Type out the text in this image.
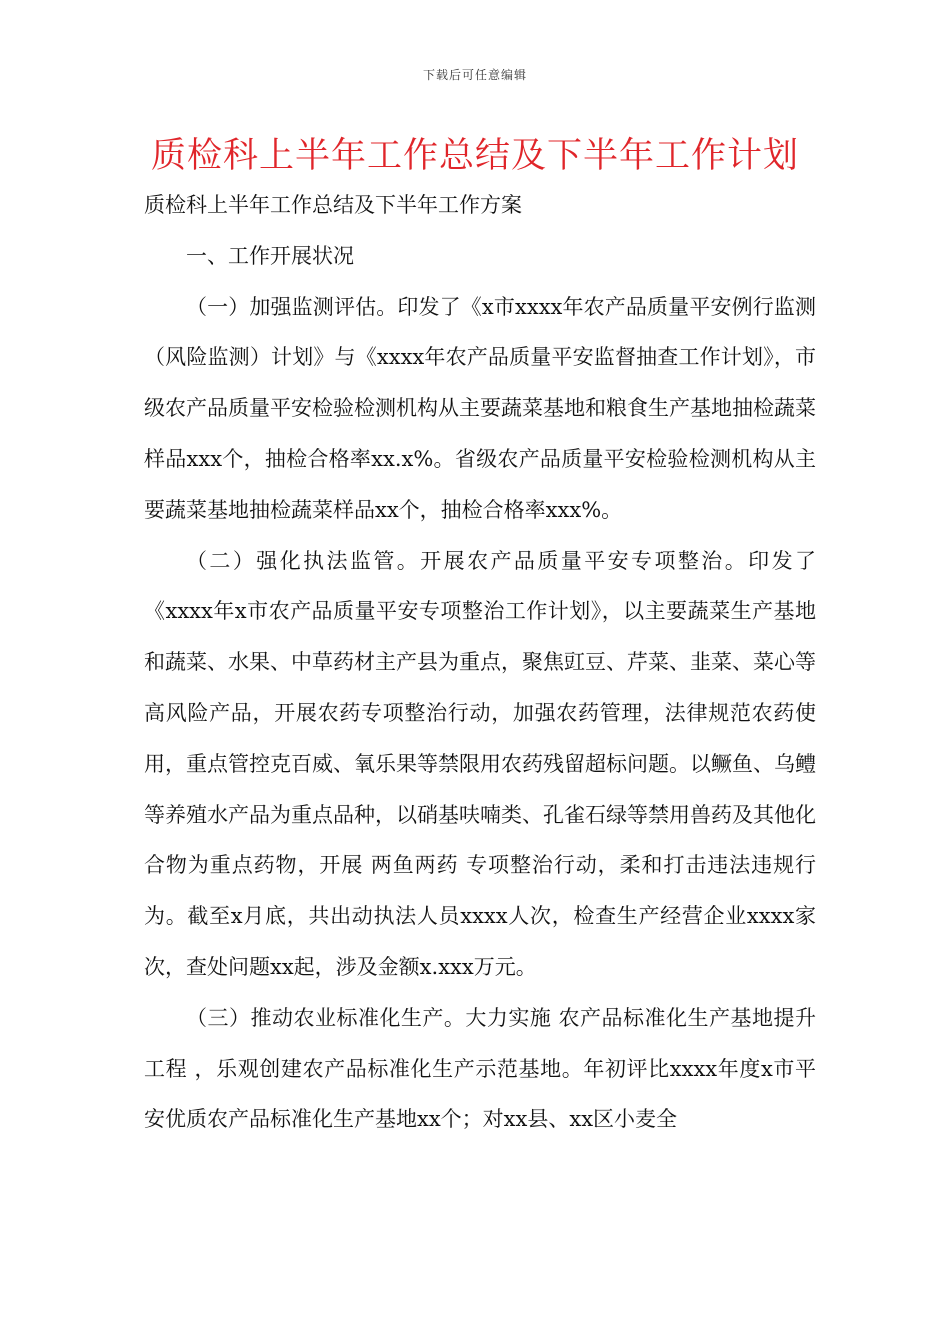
下载后可任意编辑
质检科上半年工作总结及下半年工作计划

质检科上半年工作总结及下半年工作方案

一、工作开展状况

（一）加强监测评估。印发了《x市xxxx年农产品质量平安例行监测（风险监测）计划》与《xxxx年农产品质量平安监督抽查工作计划》，市级农产品质量平安检验检测机构从主要蔬菜基地和粮食生产基地抽检蔬菜样品xxx个，抽检合格率xx.x%。省级农产品质量平安检验检测机构从主要蔬菜基地抽检蔬菜样品xx个，抽检合格率xxx%。

（二）强化执法监管。开展农产品质量平安专项整治。印发了《xxxx年x市农产品质量平安专项整治工作计划》，以主要蔬菜生产基地和蔬菜、水果、中草药材主产县为重点，聚焦豇豆、芹菜、韭菜、菜心等高风险产品，开展农药专项整治行动，加强农药管理，法律规范农药使用，重点管控克百威、氧乐果等禁限用农药残留超标问题。以鳜鱼、乌鳢等养殖水产品为重点品种，以硝基呋喃类、孔雀石绿等禁用兽药及其他化合物为重点药物，开展 两鱼两药 专项整治行动，柔和打击违法违规行为。截至x月底，共出动执法人员xxxx人次，检查生产经营企业xxxx家次，查处问题xx起，涉及金额x.xxx万元。

（三）推动农业标准化生产。大力实施 农产品标准化生产基地提升工程 ，乐观创建农产品标准化生产示范基地。年初评比xxxx年度x市平安优质农产品标准化生产基地xx个；对xx县、xx区小麦全
